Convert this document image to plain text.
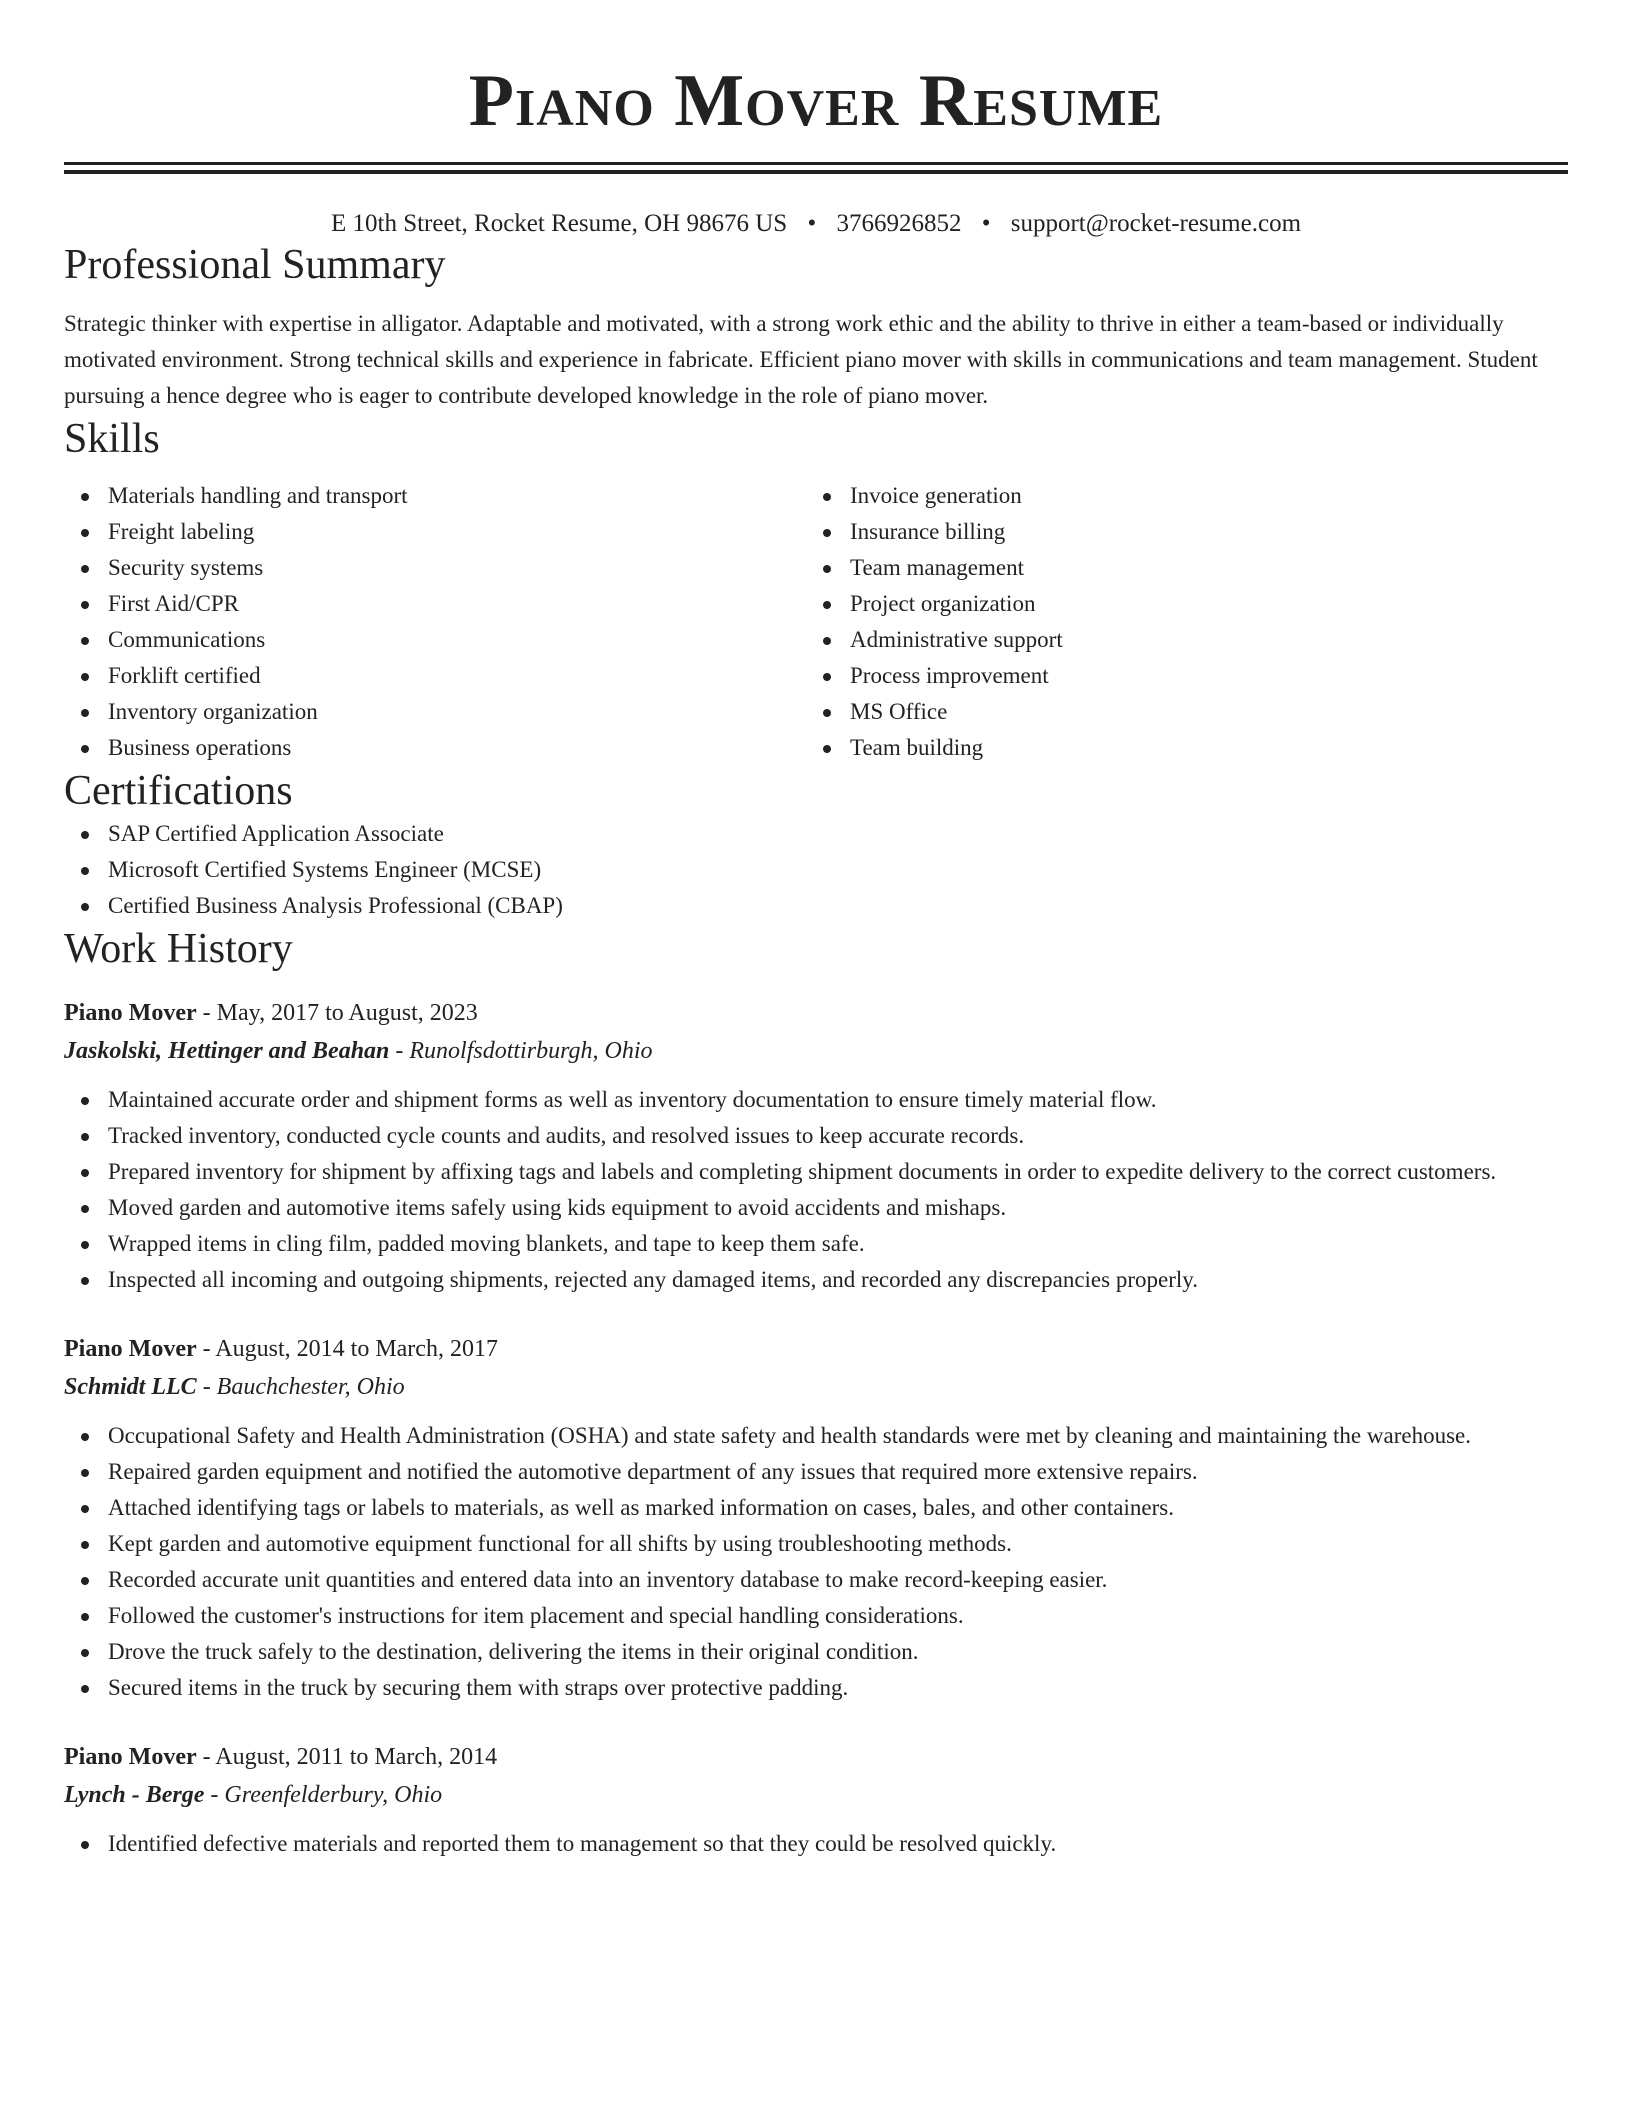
Piano Mover Resume
E 10th Street, Rocket Resume, OH 98676 US • 3766926852 • support@rocket-resume.com
Professional Summary
Strategic thinker with expertise in alligator. Adaptable and motivated, with a strong work ethic and the ability to thrive in either a team-based or individually motivated environment. Strong technical skills and experience in fabricate. Efficient piano mover with skills in communications and team management. Student pursuing a hence degree who is eager to contribute developed knowledge in the role of piano mover.
Skills
Materials handling and transport
Freight labeling
Security systems
First Aid/CPR
Communications
Forklift certified
Inventory organization
Business operations
Invoice generation
Insurance billing
Team management
Project organization
Administrative support
Process improvement
MS Office
Team building
Certifications
SAP Certified Application Associate
Microsoft Certified Systems Engineer (MCSE)
Certified Business Analysis Professional (CBAP)
Work History
Piano Mover - May, 2017 to August, 2023
Jaskolski, Hettinger and Beahan - Runolfsdottirburgh, Ohio
Maintained accurate order and shipment forms as well as inventory documentation to ensure timely material flow.
Tracked inventory, conducted cycle counts and audits, and resolved issues to keep accurate records.
Prepared inventory for shipment by affixing tags and labels and completing shipment documents in order to expedite delivery to the correct customers.
Moved garden and automotive items safely using kids equipment to avoid accidents and mishaps.
Wrapped items in cling film, padded moving blankets, and tape to keep them safe.
Inspected all incoming and outgoing shipments, rejected any damaged items, and recorded any discrepancies properly.
Piano Mover - August, 2014 to March, 2017
Schmidt LLC - Bauchchester, Ohio
Occupational Safety and Health Administration (OSHA) and state safety and health standards were met by cleaning and maintaining the warehouse.
Repaired garden equipment and notified the automotive department of any issues that required more extensive repairs.
Attached identifying tags or labels to materials, as well as marked information on cases, bales, and other containers.
Kept garden and automotive equipment functional for all shifts by using troubleshooting methods.
Recorded accurate unit quantities and entered data into an inventory database to make record-keeping easier.
Followed the customer's instructions for item placement and special handling considerations.
Drove the truck safely to the destination, delivering the items in their original condition.
Secured items in the truck by securing them with straps over protective padding.
Piano Mover - August, 2011 to March, 2014
Lynch - Berge - Greenfelderbury, Ohio
Identified defective materials and reported them to management so that they could be resolved quickly.
